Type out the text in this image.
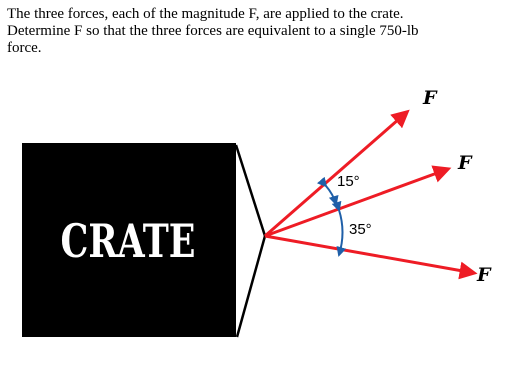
The three forces, each of the magnitude F, are applied to the crate.
Determine F so that the three forces are equivalent to a single 750-lb
force.
CRATE
F
F
F
15°
35°
